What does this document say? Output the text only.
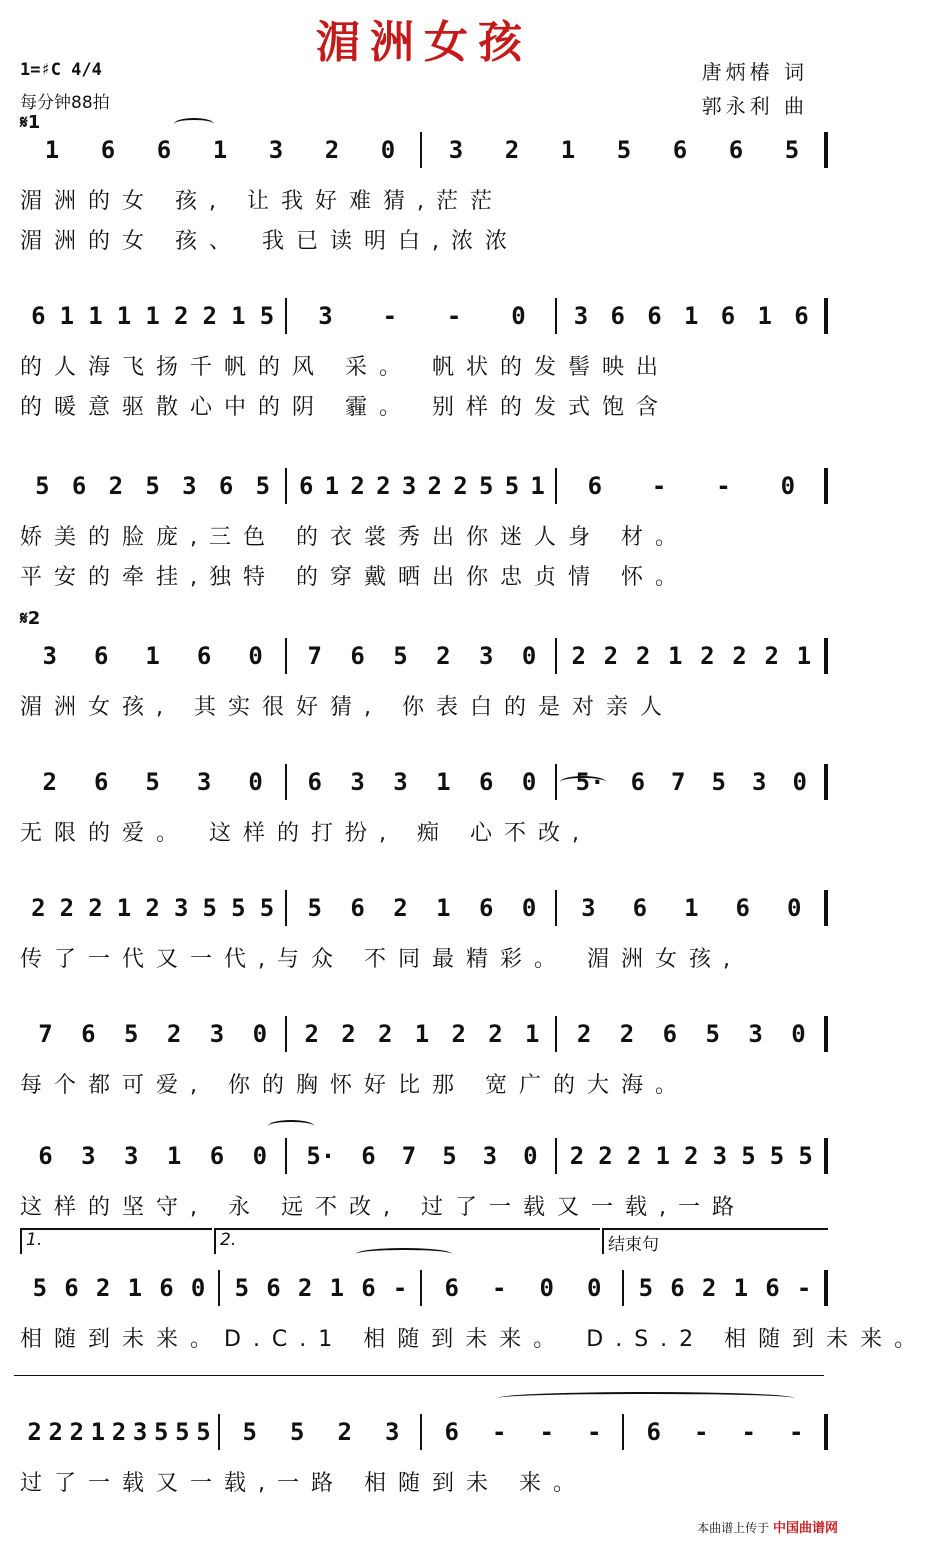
湄洲女孩
1=♯C 4/4
每分钟88拍
唐炳椿 词
郭永利 曲
𝄋1
𝄋2
1 6 6 1 3 2 0 3 2 1 5 6 6 5
湄洲的女 孩, 让我好难猜,茫茫
湄洲的女 孩、 我已读明白,浓浓
6 1 1 1 1 2 2 1 5 3 - - 0 3 6 6 1 6 1 6
的人海飞扬千帆的风 采。 帆状的发髻映出
的暖意驱散心中的阴 霾。 别样的发式饱含
5 6 2 5 3 6 5 6 1 2 2 3 2 2 5 5 1 6 - - 0
娇美的脸庞,三色 的衣裳秀出你迷人身 材。
平安的牵挂,独特 的穿戴晒出你忠贞情 怀。
3 6 1 6 0 7 6 5 2 3 0 2 2 2 1 2 2 2 1
湄洲女孩, 其实很好猜, 你表白的是对亲人
2 6 5 3 0 6 3 3 1 6 0 5· 6 7 5 3 0
无限的爱。 这样的打扮, 痴 心不改,
2 2 2 1 2 3 5 5 5 5 6 2 1 6 0 3 6 1 6 0
传了一代又一代,与众 不同最精彩。 湄洲女孩,
7 6 5 2 3 0 2 2 2 1 2 2 1 2 2 6 5 3 0
每个都可爱, 你的胸怀好比那 宽广的大海。
6 3 3 1 6 0 5· 6 7 5 3 0 2 2 2 1 2 3 5 5 5
这样的坚守, 永 远不改, 过了一载又一载,一路
5 6 2 1 6 0 5 6 2 1 6 - 6 - 0 0 5 6 2 1 6 -
相随到未来。D.C.1 相随到未来。 D.S.2 相随到未来。
2 2 2 1 2 3 5 5 5 5 5 2 3 6 - - - 6 - - -
过了一载又一载,一路 相随到未 来。
1.	2.	结束句
本曲谱上传于 中国曲谱网
